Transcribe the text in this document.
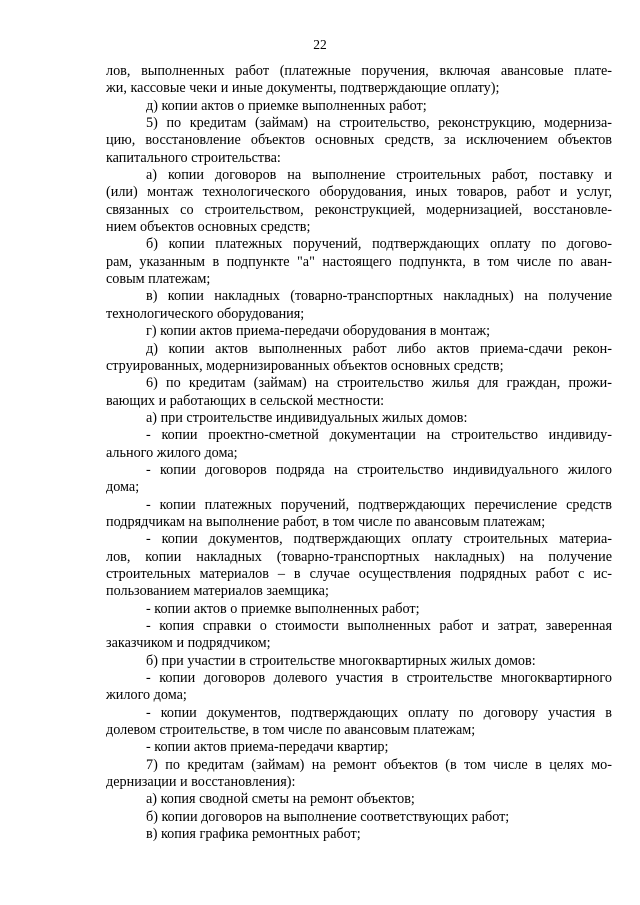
22
лов, выполненных работ (платежные поручения, включая авансовые плате-
жи, кассовые чеки и иные документы, подтверждающие оплату);
д) копии актов о приемке выполненных работ;
5) по кредитам (займам) на строительство, реконструкцию, модерниза-
цию, восстановление объектов основных средств, за исключением объектов
капитального строительства:
а) копии договоров на выполнение строительных работ, поставку и
(или) монтаж технологического оборудования, иных товаров, работ и услуг,
связанных со строительством, реконструкцией, модернизацией, восстановле-
нием объектов основных средств;
б) копии платежных поручений, подтверждающих оплату по догово-
рам, указанным в подпункте "а" настоящего подпункта, в том числе по аван-
совым платежам;
в) копии накладных (товарно-транспортных накладных) на получение
технологического оборудования;
г) копии актов приема-передачи оборудования в монтаж;
д) копии актов выполненных работ либо актов приема-сдачи рекон-
струированных, модернизированных объектов основных средств;
6) по кредитам (займам) на строительство жилья для граждан, прожи-
вающих и работающих в сельской местности:
а) при строительстве индивидуальных жилых домов:
- копии проектно-сметной документации на строительство индивиду-
ального жилого дома;
- копии договоров подряда на строительство индивидуального жилого
дома;
- копии платежных поручений, подтверждающих перечисление средств
подрядчикам на выполнение работ, в том числе по авансовым платежам;
- копии документов, подтверждающих оплату строительных материа-
лов, копии накладных (товарно-транспортных накладных) на получение
строительных материалов – в случае осуществления подрядных работ с ис-
пользованием материалов заемщика;
- копии актов о приемке выполненных работ;
- копия справки о стоимости выполненных работ и затрат, заверенная
заказчиком и подрядчиком;
б) при участии в строительстве многоквартирных жилых домов:
- копии договоров долевого участия в строительстве многоквартирного
жилого дома;
- копии документов, подтверждающих оплату по договору участия в
долевом строительстве, в том числе по авансовым платежам;
- копии актов приема-передачи квартир;
7) по кредитам (займам) на ремонт объектов (в том числе в целях мо-
дернизации и восстановления):
а) копия сводной сметы на ремонт объектов;
б) копии договоров на выполнение соответствующих работ;
в) копия графика ремонтных работ;
